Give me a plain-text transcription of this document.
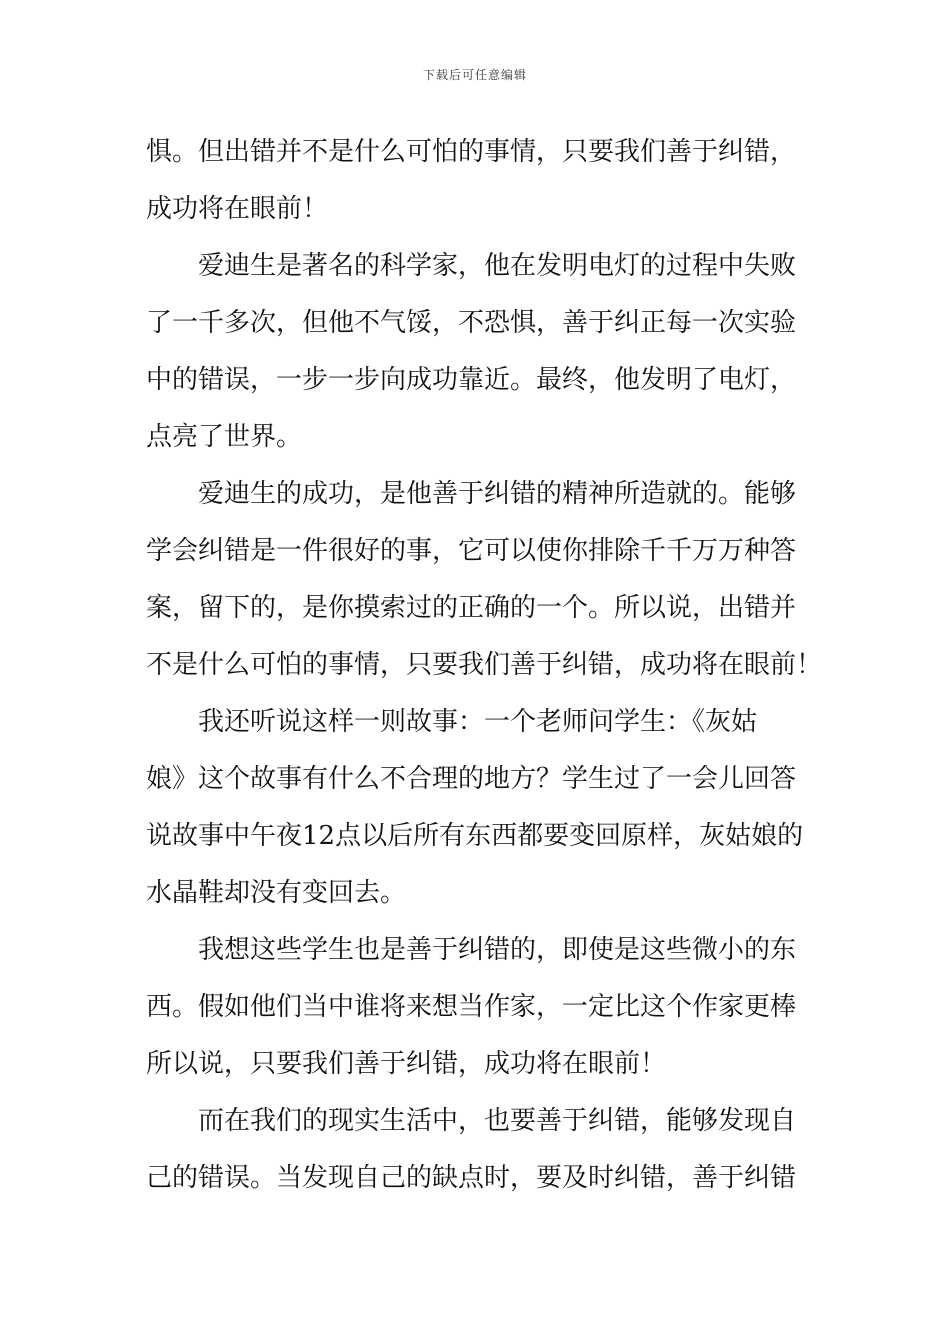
下载后可任意编辑
惧。但出错并不是什么可怕的事情，只要我们善于纠错，
成功将在眼前！
　　爱迪生是著名的科学家，他在发明电灯的过程中失败
了一千多次，但他不气馁，不恐惧，善于纠正每一次实验
中的错误，一步一步向成功靠近。最终，他发明了电灯，
点亮了世界。
　　爱迪生的成功，是他善于纠错的精神所造就的。能够
学会纠错是一件很好的事，它可以使你排除千千万万种答
案，留下的，是你摸索过的正确的一个。所以说，出错并
不是什么可怕的事情，只要我们善于纠错，成功将在眼前！
　　我还听说这样一则故事：一个老师问学生：《灰姑
娘》这个故事有什么不合理的地方？学生过了一会儿回答
说故事中午夜12点以后所有东西都要变回原样，灰姑娘的
水晶鞋却没有变回去。
　　我想这些学生也是善于纠错的，即使是这些微小的东
西。假如他们当中谁将来想当作家，一定比这个作家更棒
所以说，只要我们善于纠错，成功将在眼前！
　　而在我们的现实生活中，也要善于纠错，能够发现自
己的错误。当发现自己的缺点时，要及时纠错，善于纠错
